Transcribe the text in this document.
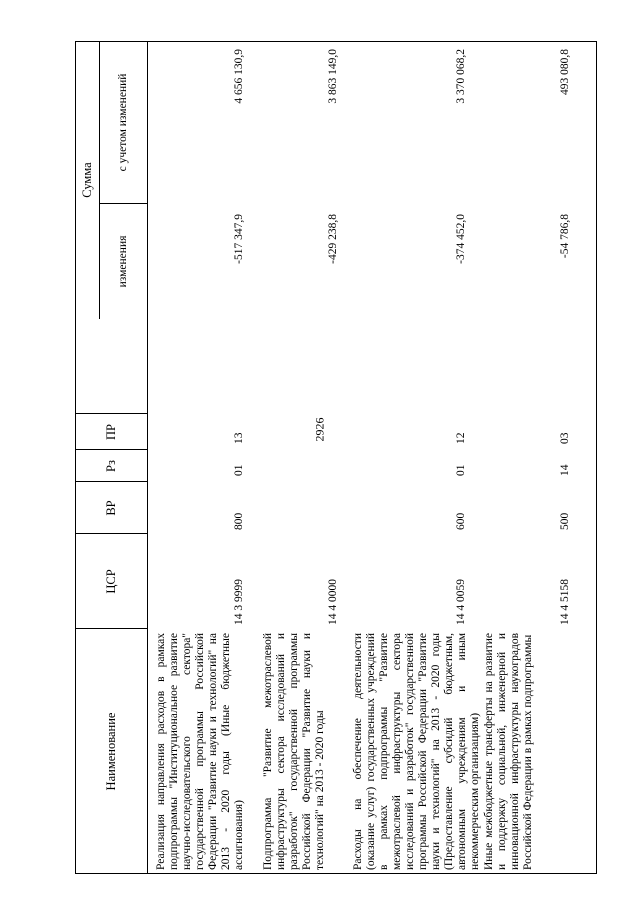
2926
Наименование
ЦСР
ВР
Рз
ПР
Сумма
изменения
с учетом изменений
Реализация направления расходов в рамках подпрограммы "Институциональное развитие научно-исследовательского сектора" государственной программы Российской Федерации "Развитие науки и технологий" на 2013 - 2020 годы (Иные бюджетные ассигнования)
14 3 9999
800
01
13
-517 347,9
4 656 130,9
Подпрограмма "Развитие межотраслевой инфраструктуры сектора исследований и разработок" государственной программы Российской Федерации "Развитие науки и технологий" на 2013 - 2020 годы
14 4 0000
-429 238,8
3 863 149,0
Расходы на обеспечение деятельности (оказание услуг) государственных учреждений в рамках подпрограммы "Развитие межотраслевой инфраструктуры сектора исследований и разработок" государственной программы Российской Федерации "Развитие науки и технологий" на 2013 - 2020 годы (Предоставление субсидий бюджетным, автономным учреждениям и иным некоммерческим организациям)
14 4 0059
600
01
12
-374 452,0
3 370 068,2
Иные межбюджетные трансферты на развитие и поддержку социальной, инженерной и инновационной инфраструктуры наукоградов Российской Федерации в рамках подпрограммы
14 4 5158
500
14
03
-54 786,8
493 080,8
